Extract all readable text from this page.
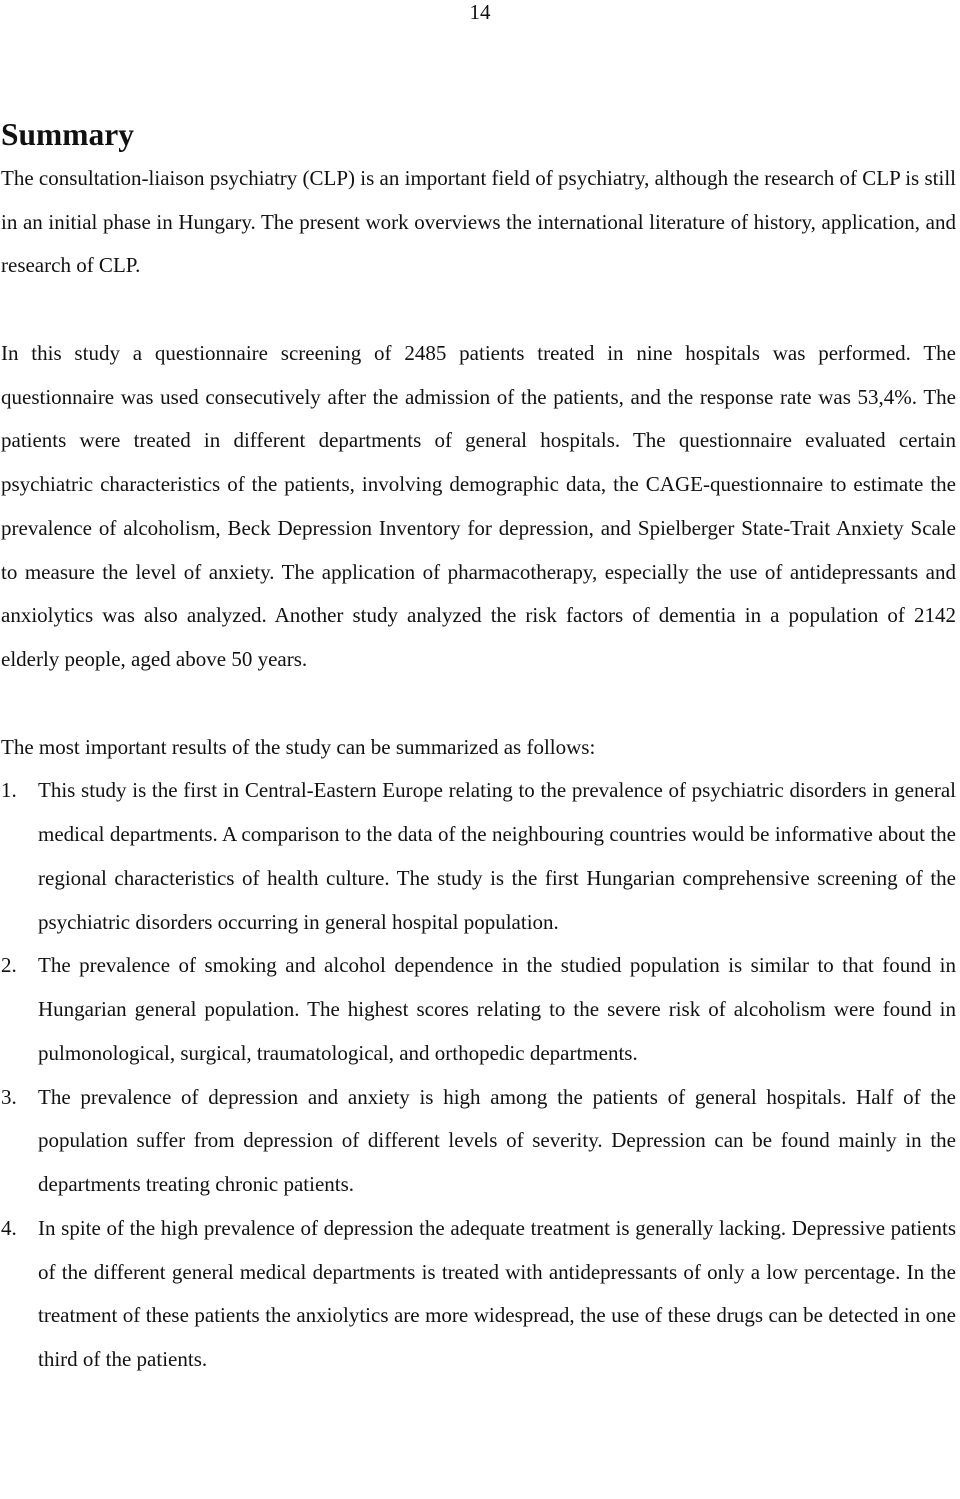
14
Summary

The consultation-liaison psychiatry (CLP) is an important field of psychiatry, although the research of CLP is still in an initial phase in Hungary. The present work overviews the international literature of history, application, and research of CLP.

In this study a questionnaire screening of 2485 patients treated in nine hospitals was performed. The questionnaire was used consecutively after the admission of the patients, and the response rate was 53,4%. The patients were treated in different departments of general hospitals. The questionnaire evaluated certain psychiatric characteristics of the patients, involving demographic data, the CAGE-questionnaire to estimate the prevalence of alcoholism, Beck Depression Inventory for depression, and Spielberger State-Trait Anxiety Scale to measure the level of anxiety. The application of pharmacotherapy, especially the use of antidepressants and anxiolytics was also analyzed. Another study analyzed the risk factors of dementia in a population of 2142 elderly people, aged above 50 years.

The most important results of the study can be summarized as follows:

1. This study is the first in Central-Eastern Europe relating to the prevalence of psychiatric disorders in general medical departments. A comparison to the data of the neighbouring countries would be informative about the regional characteristics of health culture. The study is the first Hungarian comprehensive screening of the psychiatric disorders occurring in general hospital population.
2. The prevalence of smoking and alcohol dependence in the studied population is similar to that found in Hungarian general population. The highest scores relating to the severe risk of alcoholism were found in pulmonological, surgical, traumatological, and orthopedic departments.
3. The prevalence of depression and anxiety is high among the patients of general hospitals. Half of the population suffer from depression of different levels of severity. Depression can be found mainly in the departments treating chronic patients.
4. In spite of the high prevalence of depression the adequate treatment is generally lacking. Depressive patients of the different general medical departments is treated with antidepressants of only a low percentage. In the treatment of these patients the anxiolytics are more widespread, the use of these drugs can be detected in one third of the patients.
